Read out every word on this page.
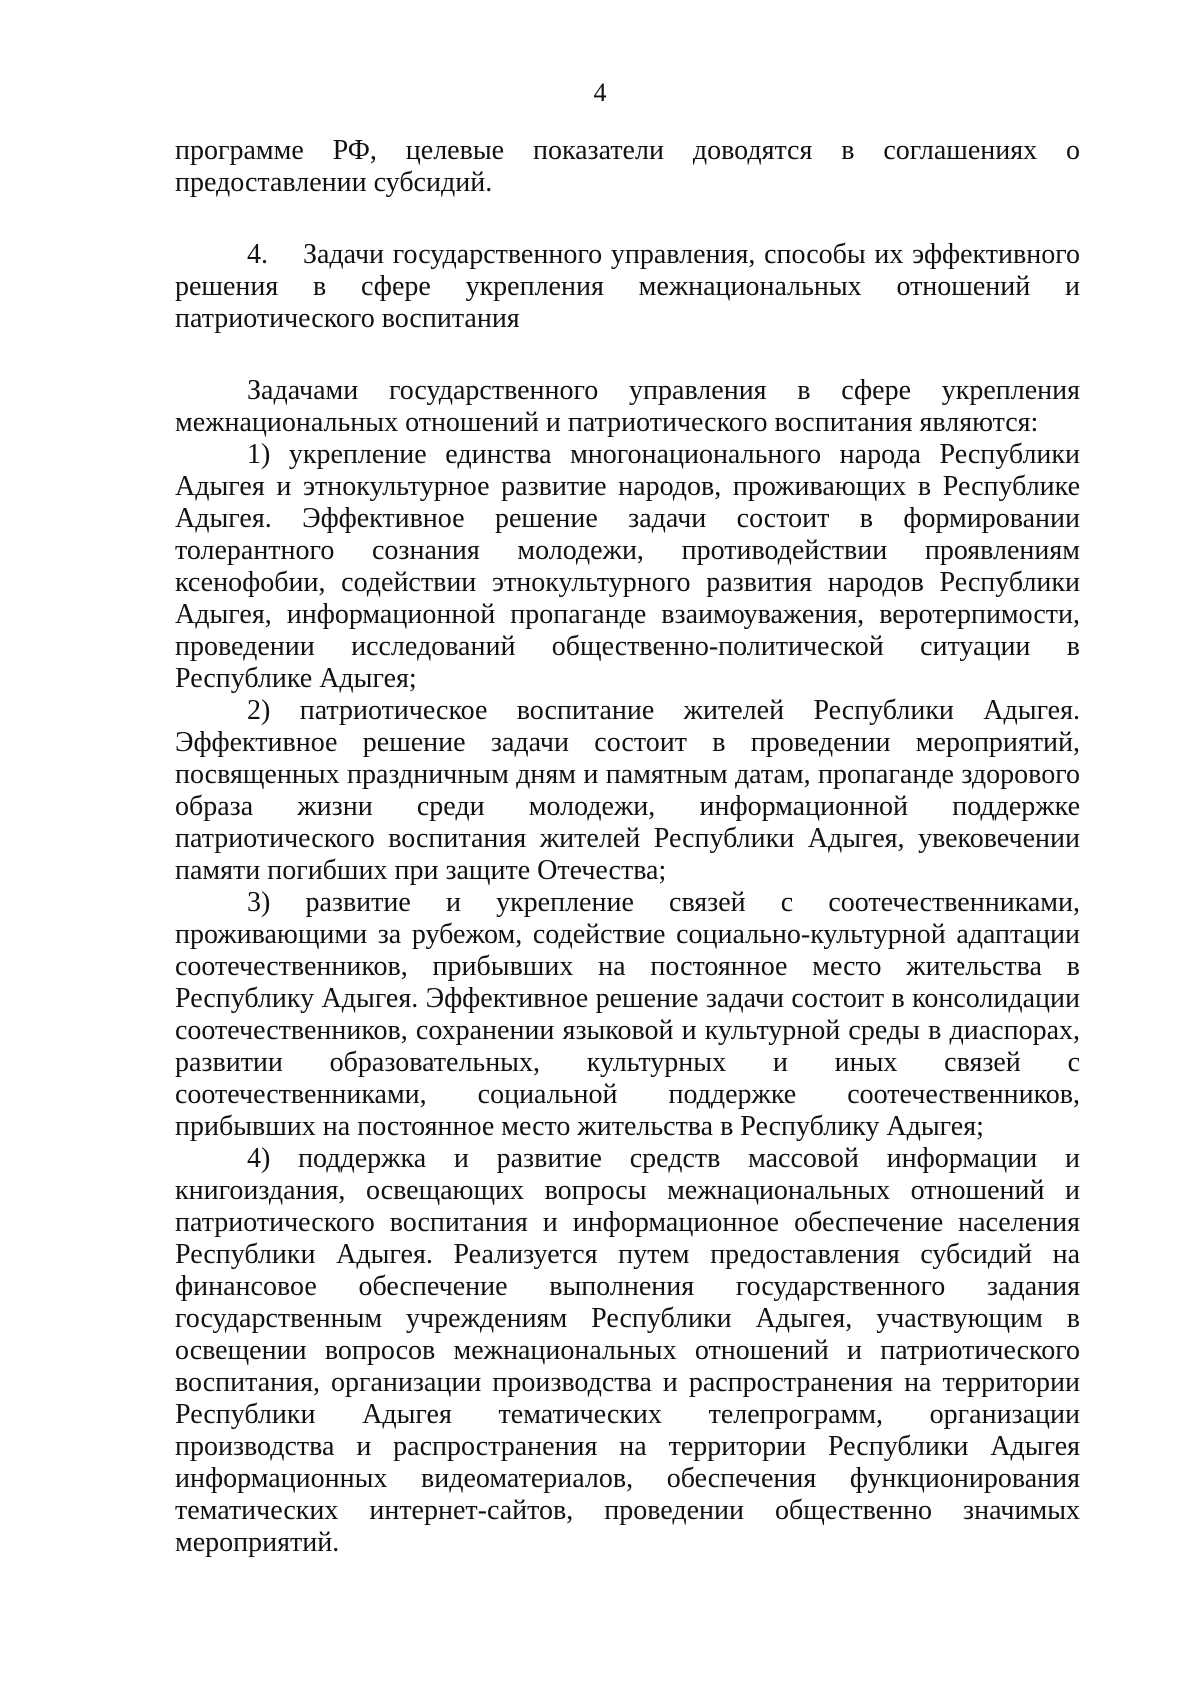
4

программе РФ, целевые показатели доводятся в соглашениях о предоставлении субсидий.

4.    Задачи государственного управления, способы их эффективного решения в сфере укрепления межнациональных отношений и патриотического воспитания

Задачами государственного управления в сфере укрепления межнациональных отношений и патриотического воспитания являются:

1) укрепление единства многонационального народа Республики Адыгея и этнокультурное развитие народов, проживающих в Республике Адыгея. Эффективное решение задачи состоит в формировании толерантного сознания молодежи, противодействии проявлениям ксенофобии, содействии этнокультурного развития народов Республики Адыгея, информационной пропаганде взаимоуважения, веротерпимости, проведении исследований общественно-политической ситуации в Республике Адыгея;

2) патриотическое воспитание жителей Республики Адыгея. Эффективное решение задачи состоит в проведении мероприятий, посвященных праздничным дням и памятным датам, пропаганде здорового образа жизни среди молодежи, информационной поддержке патриотического воспитания жителей Республики Адыгея, увековечении памяти погибших при защите Отечества;

3) развитие и укрепление связей с соотечественниками, проживающими за рубежом, содействие социально-культурной адаптации соотечественников, прибывших на постоянное место жительства в Республику Адыгея. Эффективное решение задачи состоит в консолидации соотечественников, сохранении языковой и культурной среды в диаспорах, развитии образовательных, культурных и иных связей с соотечественниками, социальной поддержке соотечественников, прибывших на постоянное место жительства в Республику Адыгея;

4) поддержка и развитие средств массовой информации и книгоиздания, освещающих вопросы межнациональных отношений и патриотического воспитания и информационное обеспечение населения Республики Адыгея. Реализуется путем предоставления субсидий на финансовое обеспечение выполнения государственного задания государственным учреждениям Республики Адыгея, участвующим в освещении вопросов межнациональных отношений и патриотического воспитания, организации производства и распространения на территории Республики Адыгея тематических телепрограмм, организации производства и распространения на территории Республики Адыгея информационных видеоматериалов, обеспечения функционирования тематических интернет-сайтов, проведении общественно значимых мероприятий.
